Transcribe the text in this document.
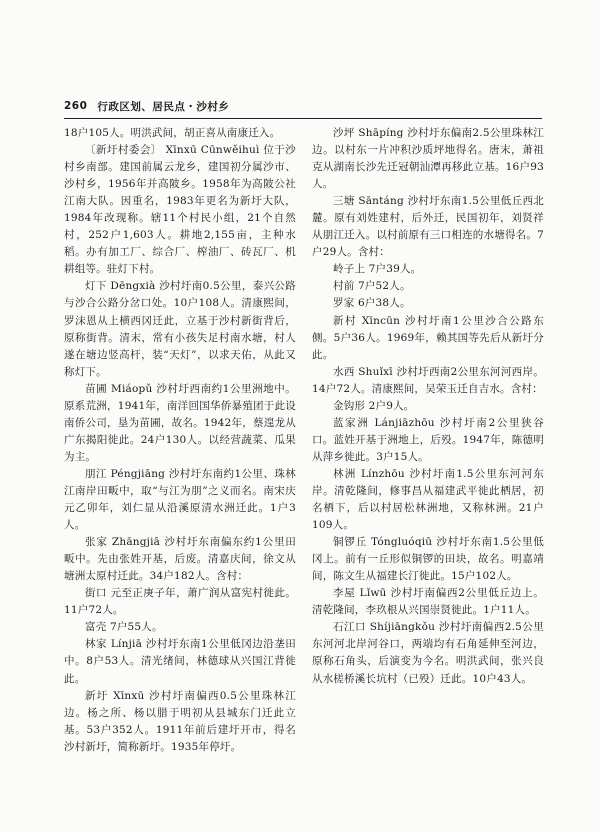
260 行政区划、居民点・沙村乡

18户105人。明洪武间，胡正喜从南康迁入。

〔新圩村委会〕 Xīnxū Cūnwěihuì 位于沙村乡南部。建国前属云龙乡，建国初分属沙市、沙村乡，1956年并高陂乡。1958年为高陂公社江南大队。因重名，1983年更名为新圩大队，1984年改现称。辖11个村民小组，21个自然村，252户1,603人。耕地2,155亩，主种水稻。办有加工厂、综合厂、榨油厂、砖瓦厂、机耕组等。驻灯下村。

灯下 Dēngxià 沙村圩南0.5公里，泰兴公路与沙合公路分岔口处。10户108人。清康熙间，罗沫恩从上横西冈迁此，立基于沙村新街背后，原称街背。清末，常有小孩失足村南水塘，村人遂在塘边竖高杆，装“天灯”，以求天佑，从此又称灯下。

苗圃 Miáopǔ 沙村圩西南约1公里洲地中。原系荒洲，1941年，南洋回国华侨暴殖团于此设南侨公司，垦为苗圃，故名。1942年，蔡遑龙从广东揭阳徙此。24户130人。以经营蔬菜、瓜果为主。

朋江 Péngjiāng 沙村圩东南约1公里、珠林江南岸田畈中，取“与江为朋”之义而名。南宋庆元乙卯年，刘仁显从沿溪原清水洲迁此。1户3人。

张家 Zhāngjiā 沙村圩东南偏东约1公里田畈中。先由张姓开基，后废。清嘉庆间，徐文从塘洲太原村迁此。34户182人。含村：

街口 元至正庚子年，萧广润从富宪村徙此。11户72人。

富壳 7户55人。

林家 Línjiā 沙村圩东南1公里低冈边沿垄田中。8户53人。清光绪间，林德球从兴国江背徙此。

新圩 Xīnxū 沙村圩南偏西0.5公里珠林江边。杨之所、杨以腊于明初从县城东门迁此立基。53户352人。1911年前后建圩开市，得名沙村新圩，简称新圩。1935年停圩。

沙坪 Shāpíng 沙村圩东偏南2.5公里珠林江边。以村东一片冲积沙质坪地得名。唐末，萧祖克从湖南长沙先迁冠朝汕潭再移此立基。16户93人。

三塘 Sāntáng 沙村圩东南1.5公里低丘西北麓。原有刘姓建村，后外迁，民国初年，刘贤祥从朋江迁入。以村前原有三口相连的水塘得名。7户29人。含村：

岭子上 7户39人。

村前 7户52人。

罗家 6户38人。

新村 Xīncūn 沙村圩南1公里沙合公路东侧。5户36人。1969年，赖其国等先后从新圩分此。

水西 Shuǐxī 沙村圩西南2公里东河河西岸。14户72人。清康熙间，吴荣玉迁自吉水。含村：

金钩形 2户9人。

蓝家洲 Lánjiāzhōu 沙村圩南2公里狭谷口。蓝姓开基于洲地上，后殁。1947年，陈德明从萍乡徙此。3户15人。

林洲 Línzhōu 沙村圩南1.5公里东河河东岸。清乾隆间，修事昌从福建武平徙此栖居，初名栖下，后以村居松林洲地，又称林洲。21户109人。

铜锣丘 Tóngluóqiū 沙村圩东南1.5公里低冈上。前有一丘形似铜锣的田块，故名。明嘉靖间，陈文生从福建长汀徙此。15户102人。

李屋 Lǐwū 沙村圩南偏西2公里低丘边上。清乾隆间，李玖根从兴国崇贤徙此。1户11人。

石江口 Shíjiāngkǒu 沙村圩南偏西2.5公里东河河北岸河谷口，两端均有石角延伸至河边，原称石角头，后演变为今名。明洪武间，张兴良从水槎桥溪长坑村（已殁）迁此。10户43人。
